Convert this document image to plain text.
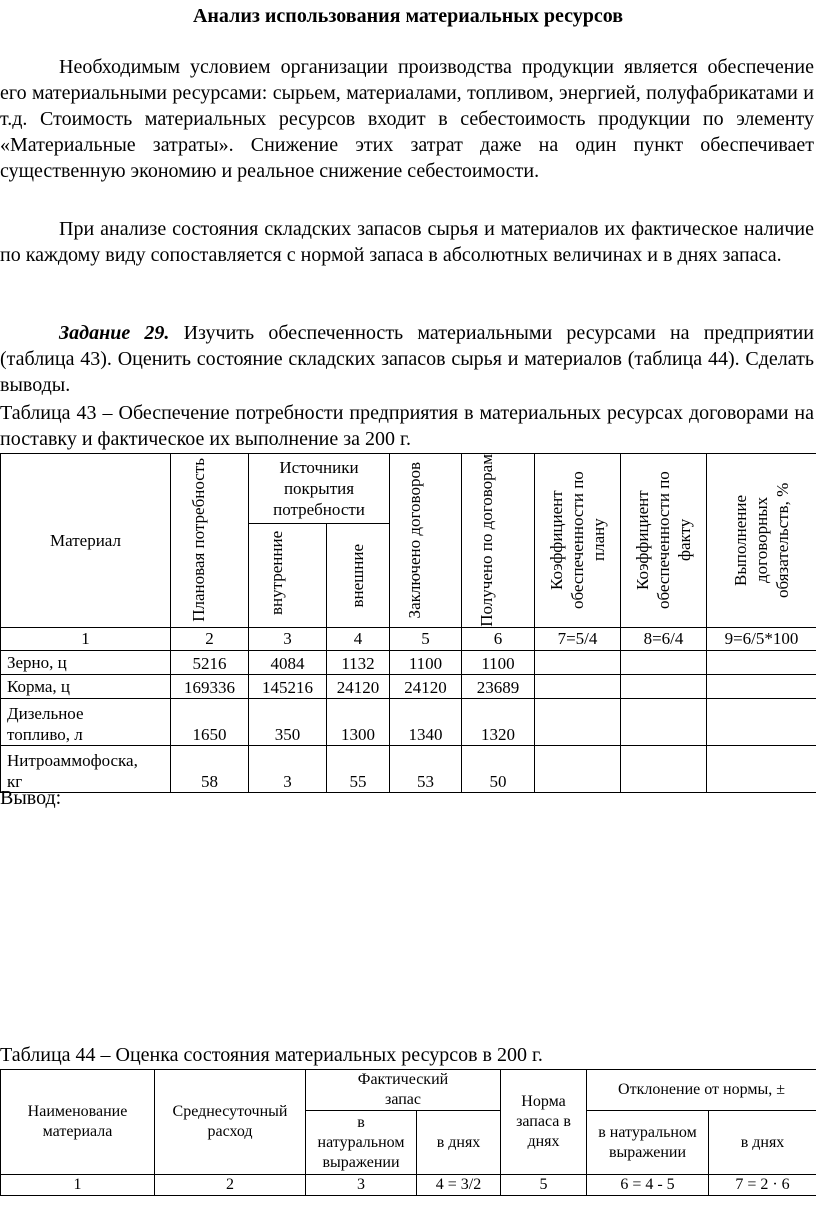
Анализ использования материальных ресурсов

Необходимым условием организации производства продукции является обеспечение его материальными ресурсами: сырьем, материалами, топливом, энергией, полуфабрикатами и т.д. Стоимость материальных ресурсов входит в себестоимость продукции по элементу «Материальные затраты». Снижение этих затрат даже на один пункт обеспечивает существенную экономию и реальное снижение себестоимости.

При анализе состояния складских запасов сырья и материалов их фактическое наличие по каждому виду сопоставляется с нормой запаса в абсолютных величинах и в днях запаса.

Задание 29. Изучить обеспеченность материальными ресурсами на предприятии (таблица 43). Оценить состояние складских запасов сырья и материалов (таблица 44). Сделать выводы.

Таблица 43 – Обеспечение потребности предприятия в материальных ресурсах договорами на поставку и фактическое их выполнение за 200 г.

Материал	Плановая потребность	Источники покрытия потребности		Заключено договоров	Получено по договорам	Коэффициент обеспеченности по плану	Коэффициент обеспеченности по факту	Выполнение договорных обязательств, %

		внутренние	внешние					

1	2	3	4	5	6	7=5/4	8=6/4	9=6/5*100
Зерно, ц	5216	4084	1132	1100	1100			
Корма, ц	169336	145216	24120	24120	23689			

Дизельное
топливо, л	1650	350	1300	1340	1320			

Нитроаммофоска,
кг	58	3	55	53	50			
Вывод:
Таблица 44 – Оценка состояния материальных ресурсов в 200 г.
Наименование материала	Среднесуточный расход	Фактический запас		Норма запаса в днях	Отклонение от нормы, ±	

		в натуральном выражении	в днях		в натуральном выражении	в днях
1	2	3	4 = 3/2	5	6 = 4 - 5	7 = 2 · 6
